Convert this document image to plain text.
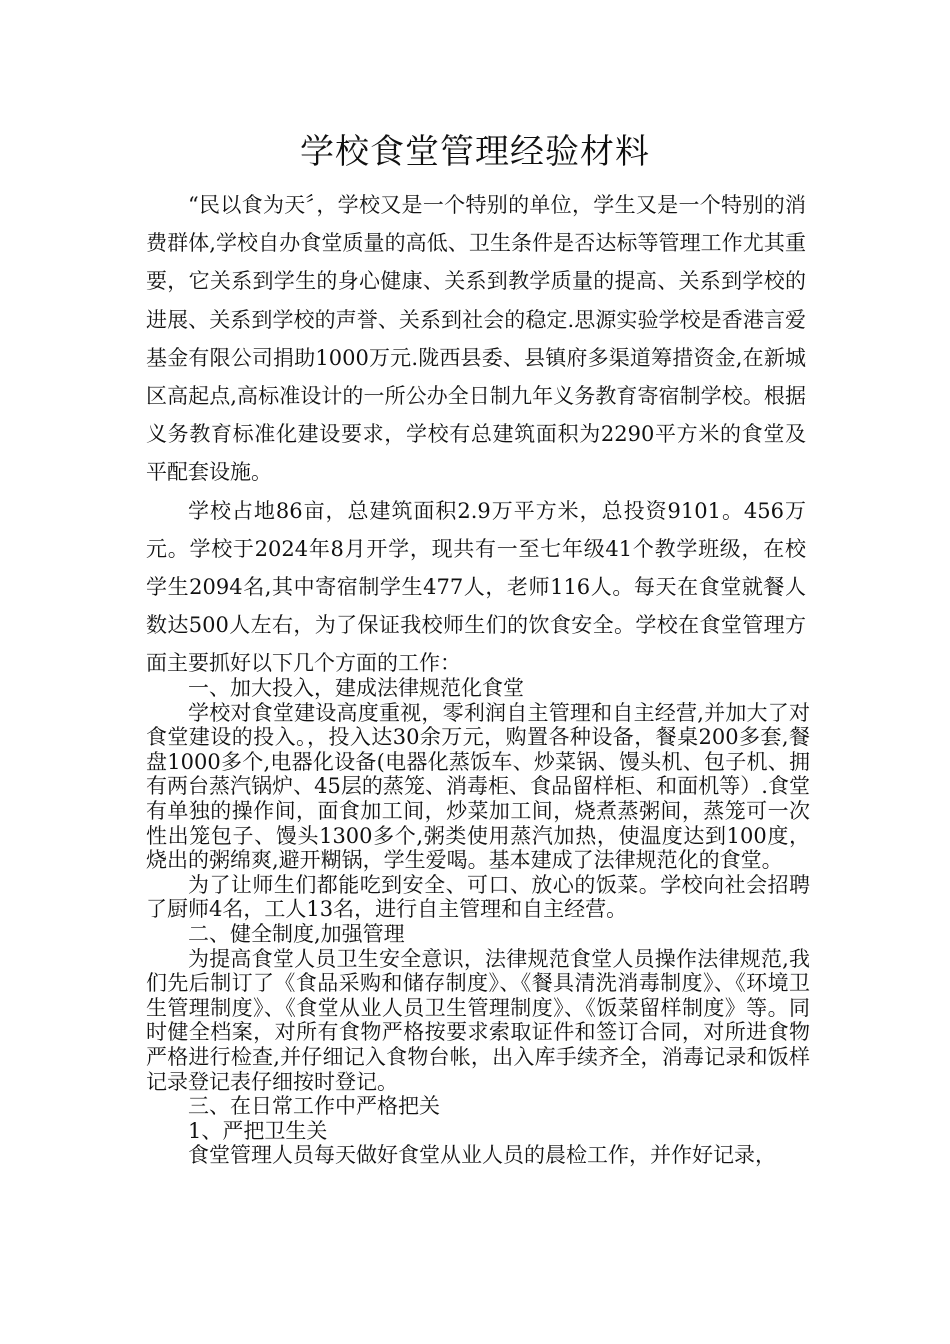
学校食堂管理经验材料

“民以食为天〞，学校又是一个特别的单位，学生又是一个特别的消费群体,学校自办食堂质量的高低、卫生条件是否达标等管理工作尤其重要，它关系到学生的身心健康、关系到教学质量的提高、关系到学校的进展、关系到学校的声誉、关系到社会的稳定.思源实验学校是香港言爱基金有限公司捐助1000万元.陇西县委、县镇府多渠道筹措资金,在新城区高起点,高标准设计的一所公办全日制九年义务教育寄宿制学校。根据义务教育标准化建设要求，学校有总建筑面积为2290平方米的食堂及平配套设施。

学校占地86亩，总建筑面积2.9万平方米，总投资9101。456万元。学校于2024年8月开学，现共有一至七年级41个教学班级，在校学生2094名,其中寄宿制学生477人，老师116人。每天在食堂就餐人数达500人左右，为了保证我校师生们的饮食安全。学校在食堂管理方面主要抓好以下几个方面的工作：

一、加大投入，建成法律规范化食堂

学校对食堂建设高度重视，零利润自主管理和自主经营,并加大了对食堂建设的投入。，投入达30余万元，购置各种设备，餐桌200多套,餐盘1000多个,电器化设备(电器化蒸饭车、炒菜锅、馒头机、包子机、拥有两台蒸汽锅炉、45层的蒸笼、消毒柜、食品留样柜、和面机等）.食堂有单独的操作间，面食加工间，炒菜加工间，烧煮蒸粥间，蒸笼可一次性出笼包子、馒头1300多个,粥类使用蒸汽加热，使温度达到100度，烧出的粥绵爽,避开糊锅，学生爱喝。基本建成了法律规范化的食堂。

为了让师生们都能吃到安全、可口、放心的饭菜。学校向社会招聘了厨师4名，工人13名，进行自主管理和自主经营。

二、健全制度,加强管理

为提高食堂人员卫生安全意识，法律规范食堂人员操作法律规范,我们先后制订了《食品采购和储存制度》、《餐具清洗消毒制度》、《环境卫生管理制度》、《食堂从业人员卫生管理制度》、《饭菜留样制度》等。同时健全档案，对所有食物严格按要求索取证件和签订合同，对所进食物严格进行检查,并仔细记入食物台帐，出入库手续齐全，消毒记录和饭样记录登记表仔细按时登记。

三、在日常工作中严格把关

1、严把卫生关

食堂管理人员每天做好食堂从业人员的晨检工作，并作好记录，
